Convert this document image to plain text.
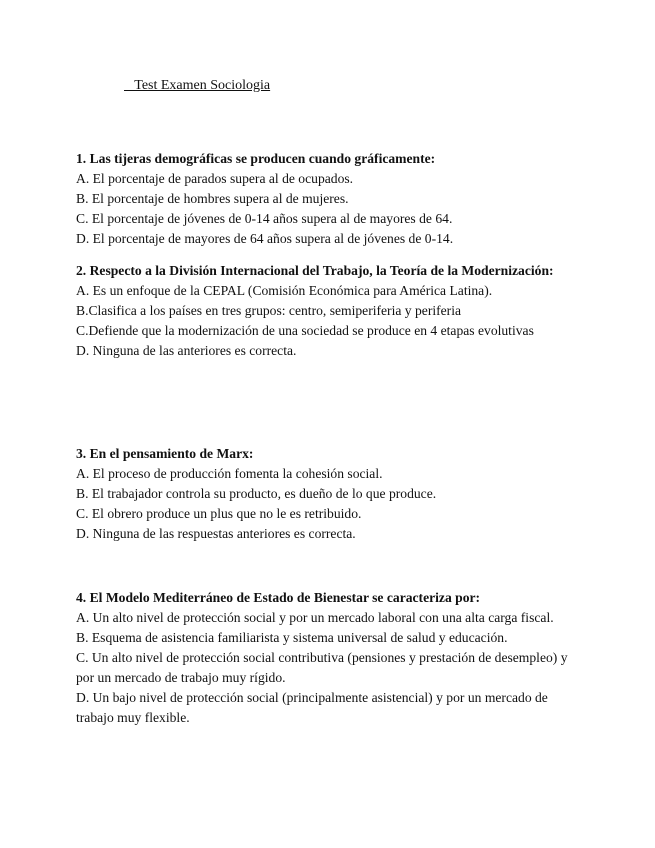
Test Examen Sociologia

1. Las tijeras demográficas se producen cuando gráficamente:

A. El porcentaje de parados supera al de ocupados.
B. El porcentaje de hombres supera al de mujeres.
C. El porcentaje de jóvenes de 0-14 años supera al de mayores de 64.
D. El porcentaje de mayores de 64 años supera al de jóvenes de 0-14.

2. Respecto a la División Internacional del Trabajo, la Teoría de la Modernización:

A. Es un enfoque de la CEPAL (Comisión Económica para América Latina).
B.Clasifica a los países en tres grupos: centro, semiperiferia y periferia
C.Defiende que la modernización de una sociedad se produce en 4 etapas evolutivas
D. Ninguna de las anteriores es correcta.

3. En el pensamiento de Marx:

A. El proceso de producción fomenta la cohesión social.
B. El trabajador controla su producto, es dueño de lo que produce.
C. El obrero produce un plus que no le es retribuido.
D. Ninguna de las respuestas anteriores es correcta.

4. El Modelo Mediterráneo de Estado de Bienestar se caracteriza por:

A. Un alto nivel de protección social y por un mercado laboral con una alta carga fiscal.
B. Esquema de asistencia familiarista y sistema universal de salud y educación.
C. Un alto nivel de protección social contributiva (pensiones y prestación de desempleo) y por un mercado de trabajo muy rígido.
D. Un bajo nivel de protección social (principalmente asistencial) y por un mercado de trabajo muy flexible.
